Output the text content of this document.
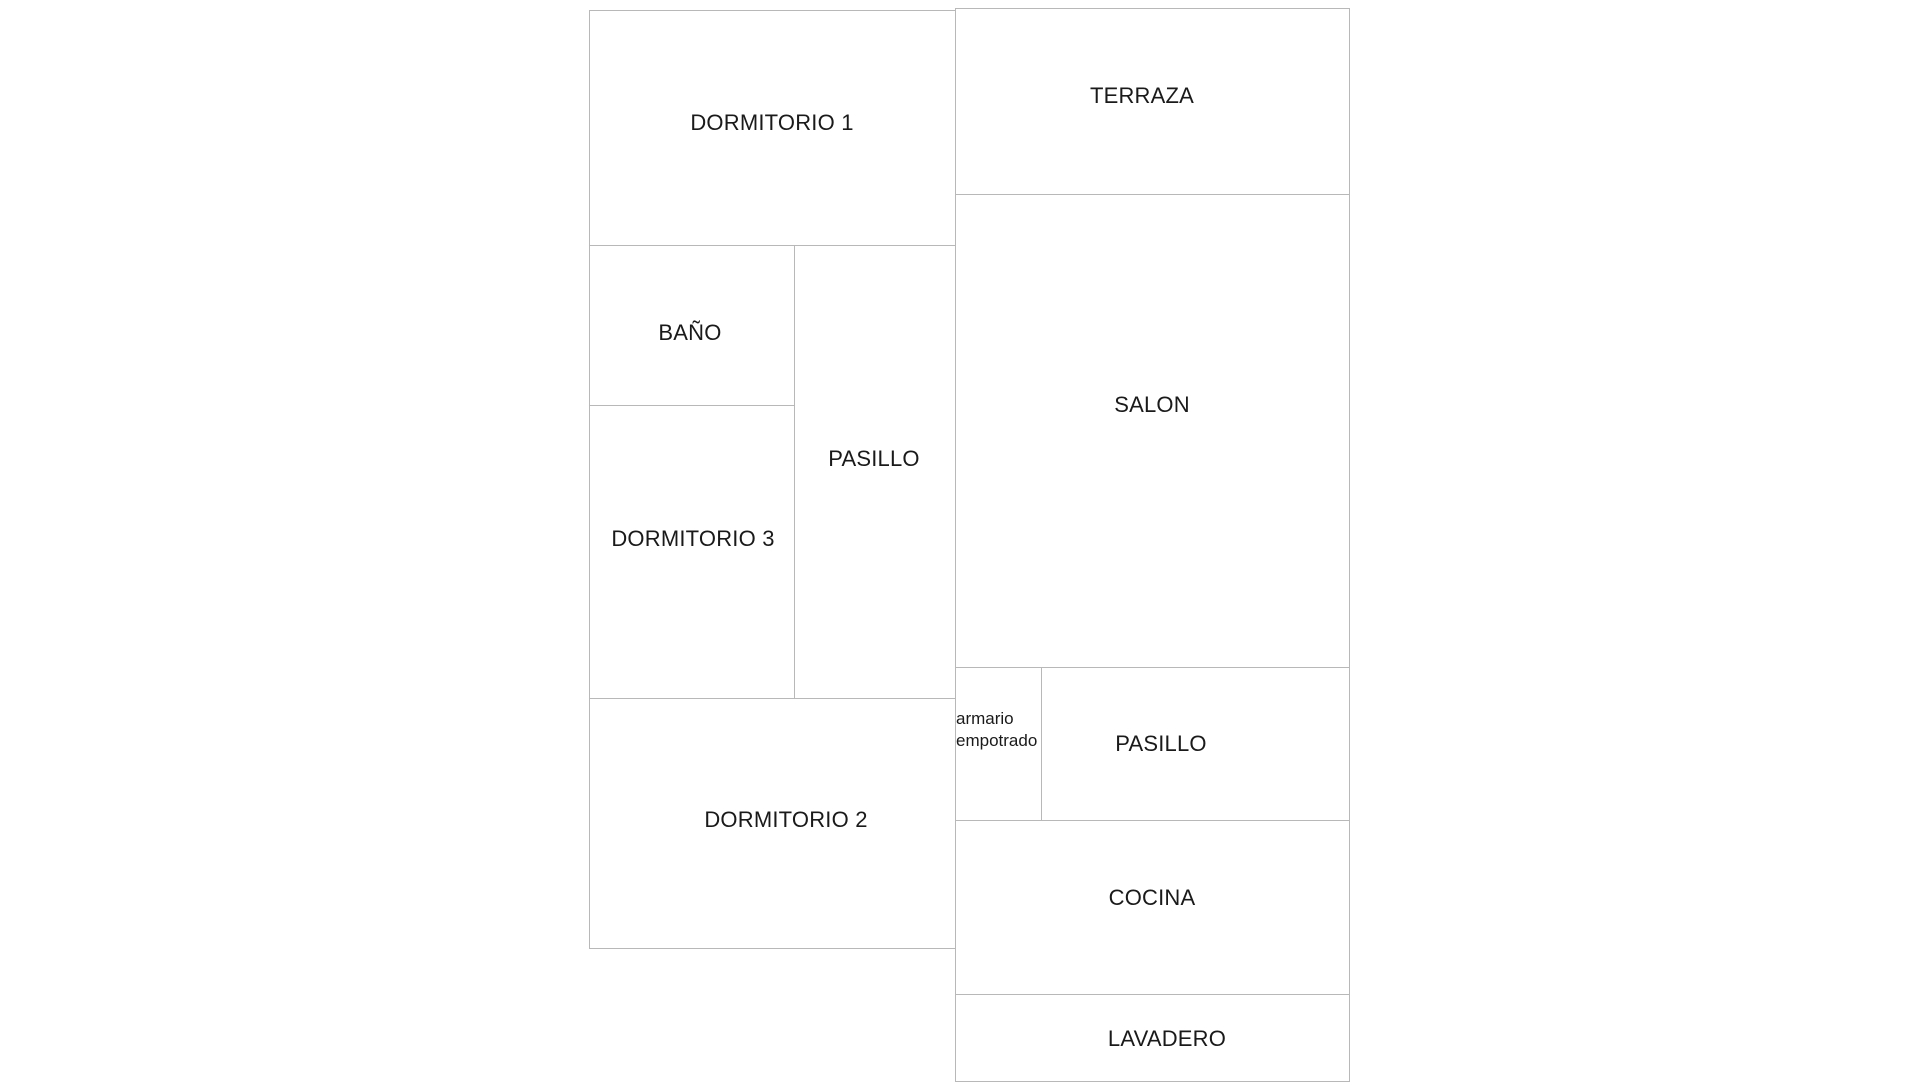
DORMITORIO 1
BAÑO
DORMITORIO 3
PASILLO
DORMITORIO 2
TERRAZA
SALON
armario
empotrado	PASILLO
COCINA
LAVADERO
